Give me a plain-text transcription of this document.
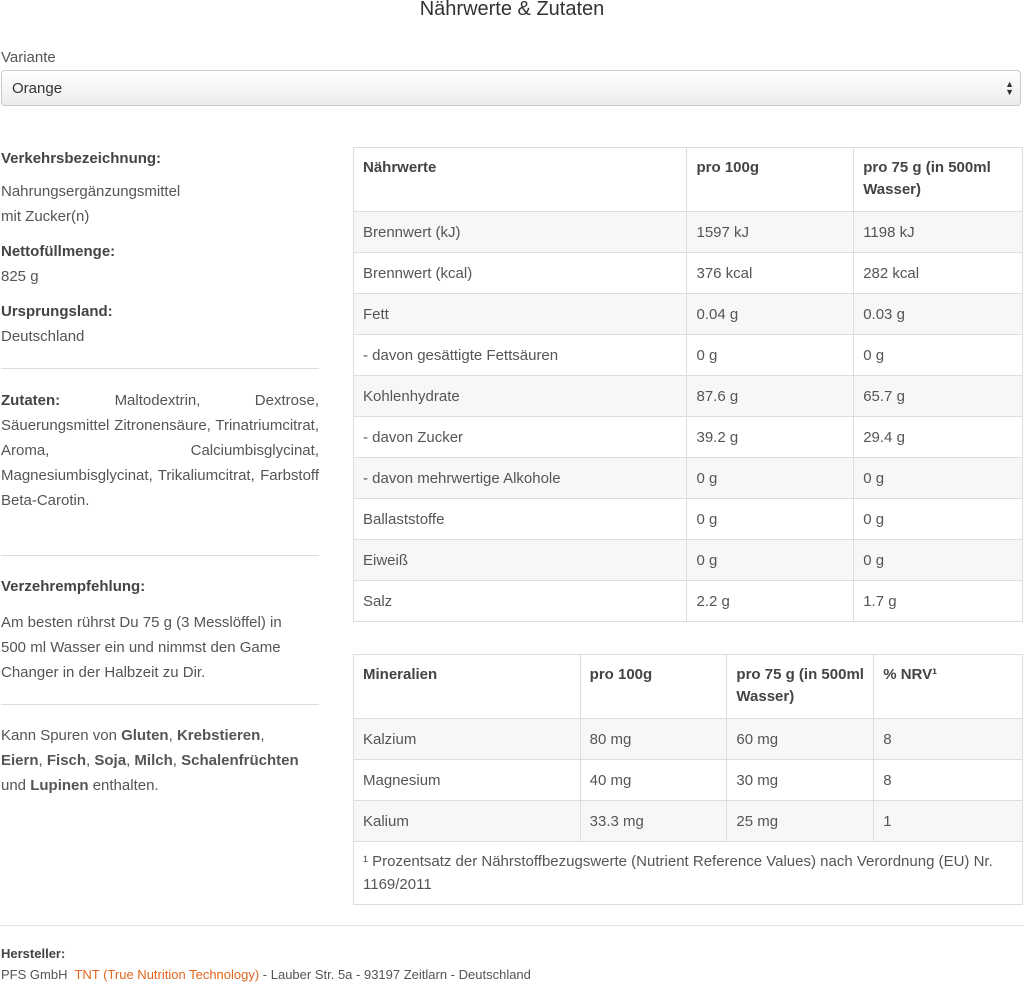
Nährwerte & Zutaten
Variante
Orange	▲
▼

Verkehrsbezeichnung:

Nahrungsergänzungsmittel

mit Zucker(n)

Nettofüllmenge:

825 g

Ursprungsland:

Deutschland

Zutaten:	Maltodextrin, Dextrose, Säuerungsmittel Zitronensäure, Trinatriumcitrat, Aroma, Calciumbisglycinat, Magnesiumbisglycinat, Trikaliumcitrat, Farbstoff Beta-Carotin.

Verzehrempfehlung:

Am besten rührst Du 75 g (3 Messlöffel) in 500 ml Wasser ein und nimmst den Game Changer in der Halbzeit zu Dir.

Kann Spuren von Gluten, Krebstieren,
Eiern, Fisch, Soja, Milch, Schalenfrüchten
und Lupinen enthalten.
Nährwerte	pro 100g	pro 75 g (in 500ml Wasser)
Brennwert (kJ)	1597 kJ	1198 kJ
Brennwert (kcal)	376 kcal	282 kcal
Fett	0.04 g	0.03 g
- davon gesättigte Fettsäuren	0 g	0 g
Kohlenhydrate	87.6 g	65.7 g
- davon Zucker	39.2 g	29.4 g
- davon mehrwertige Alkohole	0 g	0 g
Ballaststoffe	0 g	0 g
Eiweiß	0 g	0 g
Salz	2.2 g	1.7 g
Mineralien	pro 100g	pro 75 g (in 500ml Wasser)	% NRV¹
Kalzium	80 mg	60 mg	8
Magnesium	40 mg	30 mg	8
Kalium	33.3 mg	25 mg	1
¹ Prozentsatz der Nährstoffbezugswerte (Nutrient Reference Values) nach Verordnung (EU) Nr. 1169/2011			
Hersteller:
PFS GmbH TNT (True Nutrition Technology) - Lauber Str. 5a - 93197 Zeitlarn - Deutschland
